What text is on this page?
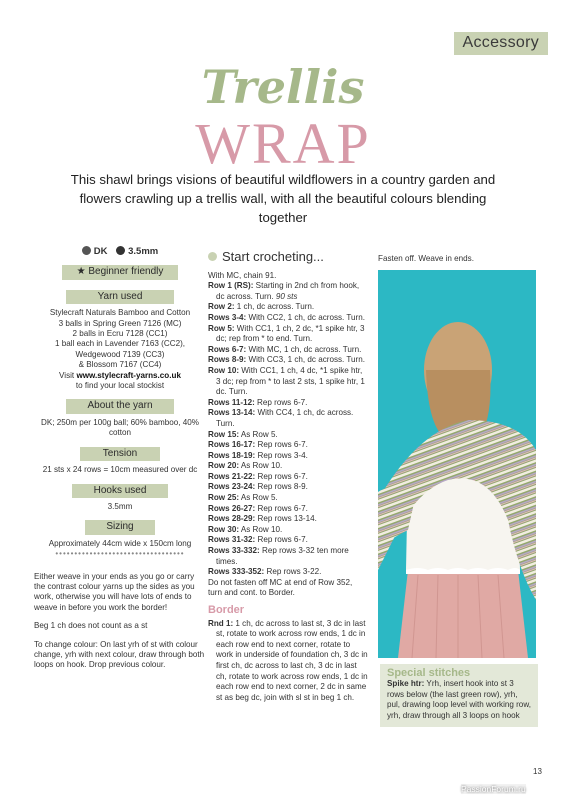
Accessory
Trellis
WRAP
This shawl brings visions of beautiful wildflowers in a country garden and flowers crawling up a trellis wall, with all the beautiful colours blending together
DK 3.5mm
★ Beginner friendly
Yarn used
Stylecraft Naturals Bamboo and Cotton
3 balls in Spring Green 7126 (MC)
2 balls in Ecru 7128 (CC1)
1 ball each in Lavender 7163 (CC2),
Wedgewood 7139 (CC3)
& Blossom 7167 (CC4)
Visit www.stylecraft-yarns.co.uk
to find your local stockist
About the yarn
DK; 250m per 100g ball; 60% bamboo, 40% cotton
Tension
21 sts x 24 rows = 10cm measured over dc
Hooks used
3.5mm
Sizing
Approximately 44cm wide x 150cm long
••••••••••••••••••••••••••••••••••

Either weave in your ends as you go or carry the contrast colour yarns up the sides as you work, otherwise you will have lots of ends to weave in before you work the border!

Beg 1 ch does not count as a st

To change colour: On last yrh of st with colour change, yrh with next colour, draw through both loops on hook. Drop previous colour.

Start crocheting...

With MC, chain 91.

Row 1 (RS): Starting in 2nd ch from hook, dc across. Turn. 90 sts

Row 2: 1 ch, dc across. Turn.

Rows 3-4: With CC2, 1 ch, dc across. Turn.

Row 5: With CC1, 1 ch, 2 dc, *1 spike htr, 3 dc; rep from * to end. Turn.

Rows 6-7: With MC, 1 ch, dc across. Turn.

Rows 8-9: With CC3, 1 ch, dc across. Turn.

Row 10: With CC1, 1 ch, 4 dc, *1 spike htr, 3 dc; rep from * to last 2 sts, 1 spike htr, 1 dc. Turn.

Rows 11-12: Rep rows 6-7.

Rows 13-14: With CC4, 1 ch, dc across. Turn.

Row 15: As Row 5.

Rows 16-17: Rep rows 6-7.

Rows 18-19: Rep rows 3-4.

Row 20: As Row 10.

Rows 21-22: Rep rows 6-7.

Rows 23-24: Rep rows 8-9.

Row 25: As Row 5.

Rows 26-27: Rep rows 6-7.

Rows 28-29: Rep rows 13-14.

Row 30: As Row 10.

Rows 31-32: Rep rows 6-7.

Rows 33-332: Rep rows 3-32 ten more times.

Rows 333-352: Rep rows 3-22.

Do not fasten off MC at end of Row 352, turn and cont. to Border.

Border

Rnd 1: 1 ch, dc across to last st, 3 dc in last st, rotate to work across row ends, 1 dc in each row end to next corner, rotate to work in underside of foundation ch, 3 dc in first ch, dc across to last ch, 3 dc in last ch, rotate to work across row ends, 1 dc in each row end to next corner, 2 dc in same st as beg dc, join with sl st in beg 1 ch.

Fasten off. Weave in ends.
Special stitches
Spike htr: Yrh, insert hook into st 3 rows below (the last green row), yrh, pul, drawing loop level with working row, yrh, draw through all 3 loops on hook
13
PassionForum.ru
